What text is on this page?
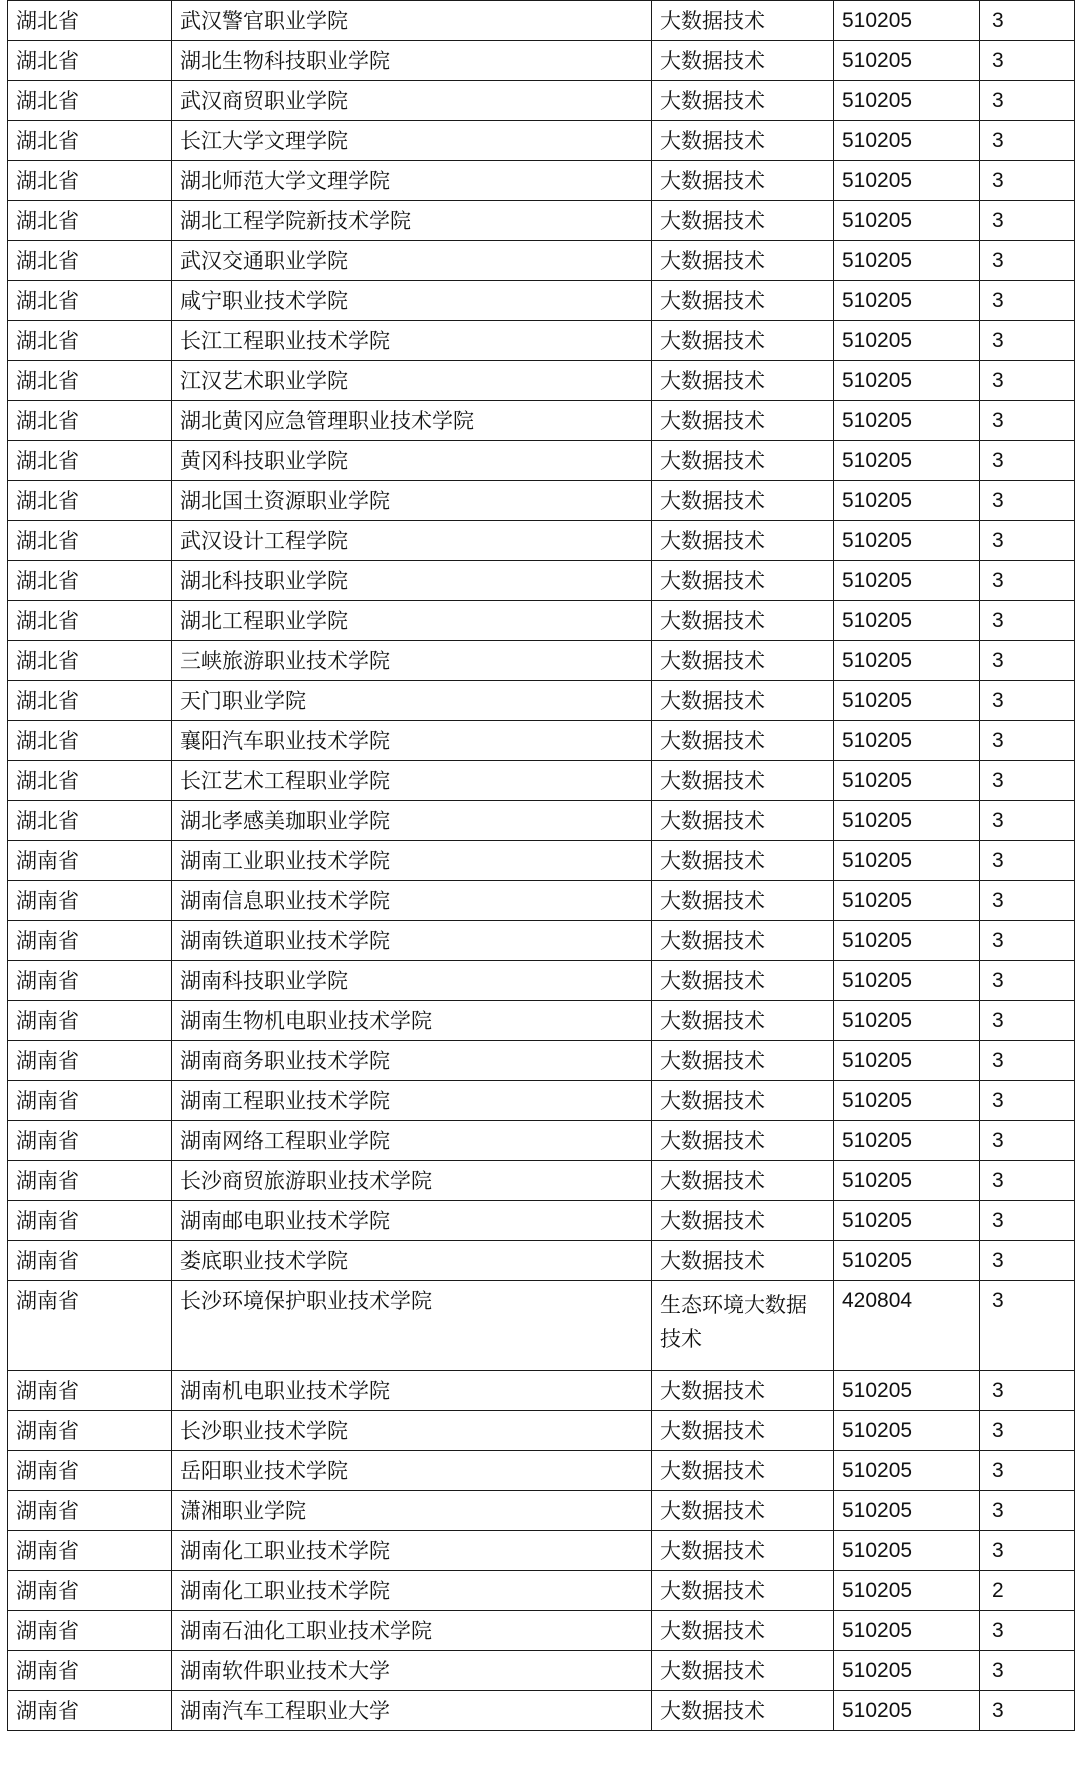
湖北省	武汉警官职业学院	大数据技术	510205	3
湖北省	湖北生物科技职业学院	大数据技术	510205	3
湖北省	武汉商贸职业学院	大数据技术	510205	3
湖北省	长江大学文理学院	大数据技术	510205	3
湖北省	湖北师范大学文理学院	大数据技术	510205	3
湖北省	湖北工程学院新技术学院	大数据技术	510205	3
湖北省	武汉交通职业学院	大数据技术	510205	3
湖北省	咸宁职业技术学院	大数据技术	510205	3
湖北省	长江工程职业技术学院	大数据技术	510205	3
湖北省	江汉艺术职业学院	大数据技术	510205	3
湖北省	湖北黄冈应急管理职业技术学院	大数据技术	510205	3
湖北省	黄冈科技职业学院	大数据技术	510205	3
湖北省	湖北国土资源职业学院	大数据技术	510205	3
湖北省	武汉设计工程学院	大数据技术	510205	3
湖北省	湖北科技职业学院	大数据技术	510205	3
湖北省	湖北工程职业学院	大数据技术	510205	3
湖北省	三峡旅游职业技术学院	大数据技术	510205	3
湖北省	天门职业学院	大数据技术	510205	3
湖北省	襄阳汽车职业技术学院	大数据技术	510205	3
湖北省	长江艺术工程职业学院	大数据技术	510205	3
湖北省	湖北孝感美珈职业学院	大数据技术	510205	3
湖南省	湖南工业职业技术学院	大数据技术	510205	3
湖南省	湖南信息职业技术学院	大数据技术	510205	3
湖南省	湖南铁道职业技术学院	大数据技术	510205	3
湖南省	湖南科技职业学院	大数据技术	510205	3
湖南省	湖南生物机电职业技术学院	大数据技术	510205	3
湖南省	湖南商务职业技术学院	大数据技术	510205	3
湖南省	湖南工程职业技术学院	大数据技术	510205	3
湖南省	湖南网络工程职业学院	大数据技术	510205	3
湖南省	长沙商贸旅游职业技术学院	大数据技术	510205	3
湖南省	湖南邮电职业技术学院	大数据技术	510205	3
湖南省	娄底职业技术学院	大数据技术	510205	3
湖南省	长沙环境保护职业技术学院	生态环境大数据技术	420804	3
湖南省	湖南机电职业技术学院	大数据技术	510205	3
湖南省	长沙职业技术学院	大数据技术	510205	3
湖南省	岳阳职业技术学院	大数据技术	510205	3
湖南省	潇湘职业学院	大数据技术	510205	3
湖南省	湖南化工职业技术学院	大数据技术	510205	3
湖南省	湖南化工职业技术学院	大数据技术	510205	2
湖南省	湖南石油化工职业技术学院	大数据技术	510205	3
湖南省	湖南软件职业技术大学	大数据技术	510205	3
湖南省	湖南汽车工程职业大学	大数据技术	510205	3
